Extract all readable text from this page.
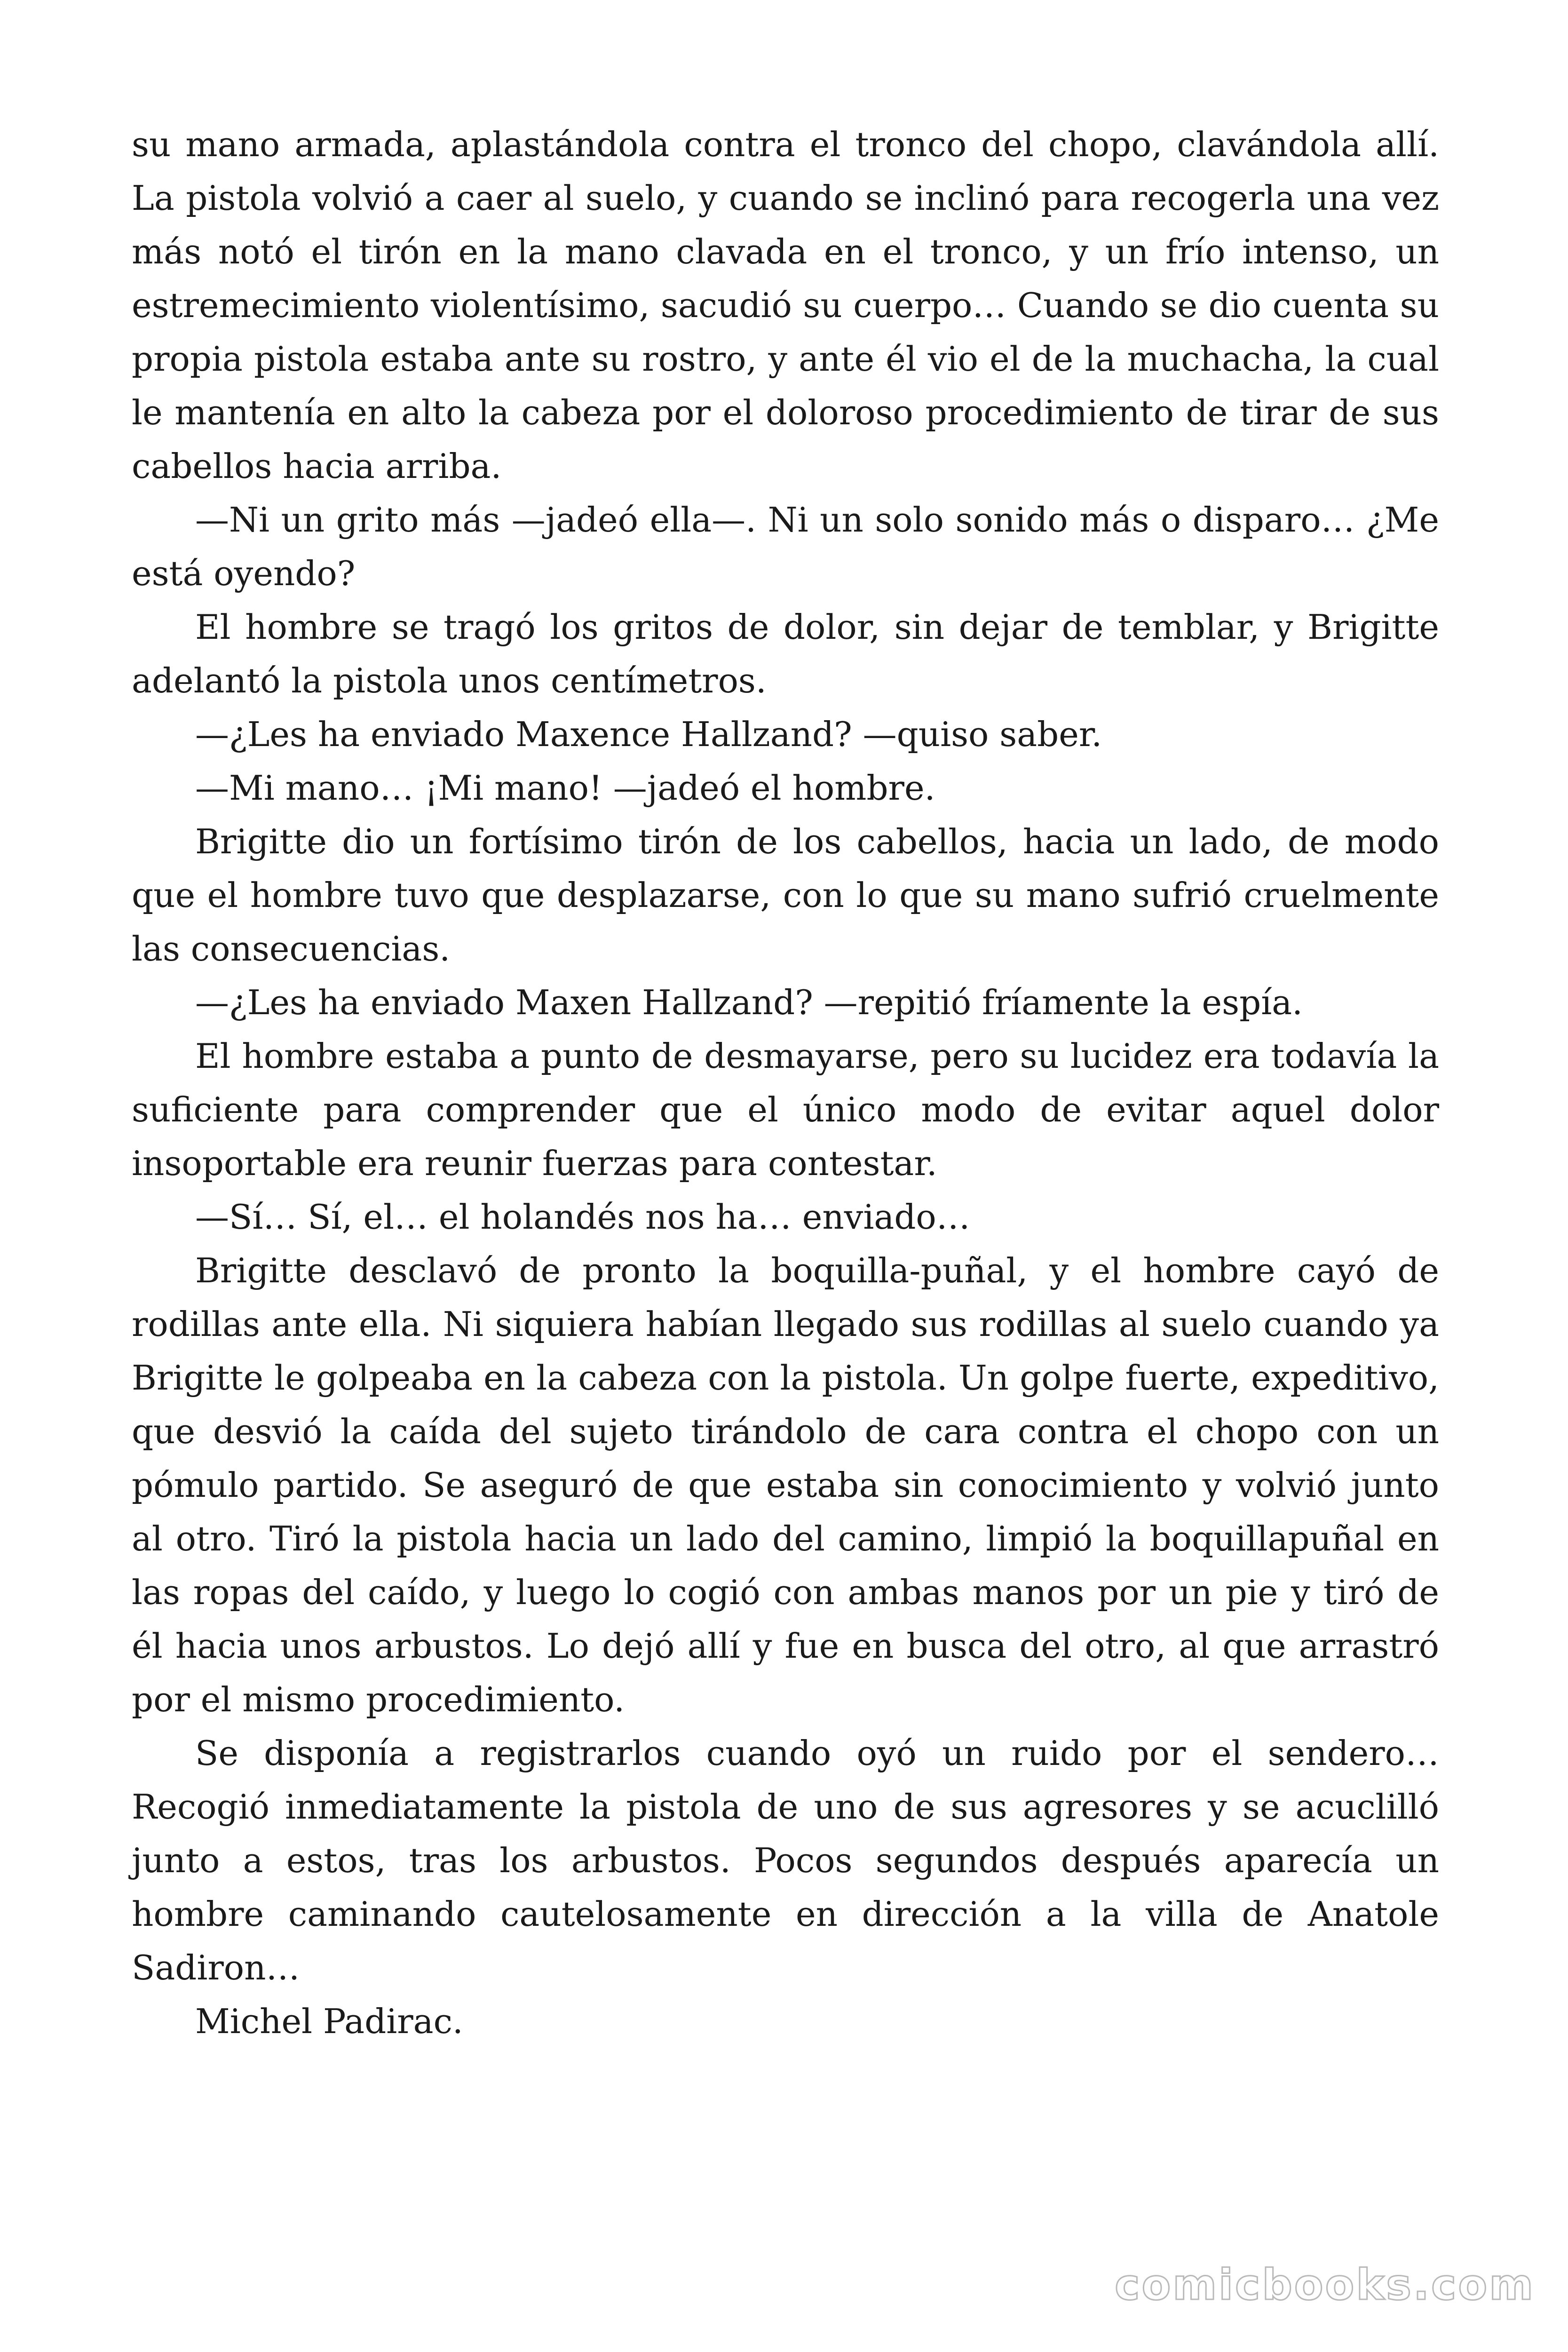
su mano armada, aplastándola contra el tronco del chopo, clavándola allí. La pistola volvió a caer al suelo, y cuando se inclinó para recogerla una vez más notó el tirón en la mano clavada en el tronco, y un frío intenso, un estremecimiento violentísimo, sacudió su cuerpo… Cuando se dio cuenta su propia pistola estaba ante su rostro, y ante él vio el de la muchacha, la cual le mantenía en alto la cabeza por el doloroso procedimiento de tirar de sus cabellos hacia arriba.

—Ni un grito más —jadeó ella—. Ni un solo sonido más o disparo… ¿Me está oyendo?

El hombre se tragó los gritos de dolor, sin dejar de temblar, y Brigitte adelantó la pistola unos centímetros.

—¿Les ha enviado Maxence Hallzand? —quiso saber.

—Mi mano… ¡Mi mano! —jadeó el hombre.

Brigitte dio un fortísimo tirón de los cabellos, hacia un lado, de modo que el hombre tuvo que desplazarse, con lo que su mano sufrió cruelmente las consecuencias.

—¿Les ha enviado Maxen Hallzand? —repitió fríamente la espía.

El hombre estaba a punto de desmayarse, pero su lucidez era todavía la suficiente para comprender que el único modo de evitar aquel dolor insoportable era reunir fuerzas para contestar.

—Sí… Sí, el… el holandés nos ha… enviado…

Brigitte desclavó de pronto la boquilla-puñal, y el hombre cayó de rodillas ante ella. Ni siquiera habían llegado sus rodillas al suelo cuando ya Brigitte le golpeaba en la cabeza con la pistola. Un golpe fuerte, expeditivo, que desvió la caída del sujeto tirándolo de cara contra el chopo con un pómulo partido. Se aseguró de que estaba sin conocimiento y volvió junto al otro. Tiró la pistola hacia un lado del camino, limpió la boquillapuñal en las ropas del caído, y luego lo cogió con ambas manos por un pie y tiró de él hacia unos arbustos. Lo dejó allí y fue en busca del otro, al que arrastró por el mismo procedimiento.

Se disponía a registrarlos cuando oyó un ruido por el sendero… Recogió inmediatamente la pistola de uno de sus agresores y se acuclilló junto a estos, tras los arbustos. Pocos segundos después aparecía un hombre caminando cautelosamente en dirección a la villa de Anatole Sadiron…

Michel Padirac.

comicbooks.com
